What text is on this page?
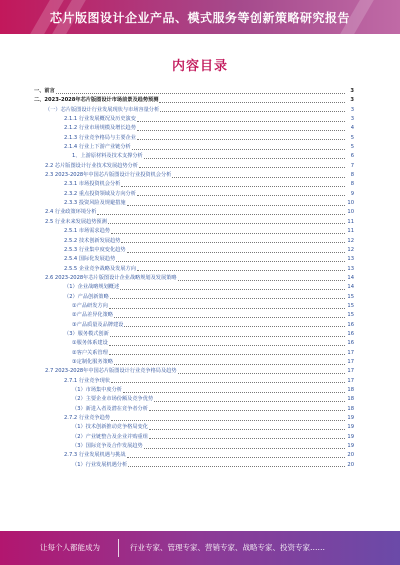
芯片版图设计企业产品、模式服务等创新策略研究报告
内容目录
一、前言	3
二、2023-2028年芯片版图设计市场前景及趋势预测	3
（一）芯片版图设计行业发展现状与市场容量分析	3
2.1.1 行业发展概况及历史演变	3
2.1.2 行业市场规模及增长趋势	4
2.1.3 行业竞争格局与主要企业	5
2.1.4 行业上下游产业链分析	5
1、上游原材料及技术支撑分析	6
2.2 芯片版图设计行业技术发展趋势分析	7
2.3 2023-2028年中国芯片版图设计行业投资机会分析	8
2.3.1 市场投资机会分析	8
2.3.2 重点投资领域及方向分析	9
2.3.3 投资风险及规避措施	10
2.4 行业政策环境分析	10
2.5 行业未来发展趋势预测	11
2.5.1 市场需求趋势	11
2.5.2 技术创新发展趋势	12
2.5.3 行业集中度变化趋势	12
2.5.4 国际化发展趋势	13
2.5.5 企业竞争战略及发展方向	13
2.6 2023-2028年芯片版图设计企业战略规划及发展策略	14
（1）企业战略规划概述	14
（2）产品创新策略	15
①产品研发方向	15
②产品差异化策略	15
③产品质量及品牌建设	16
（3）服务模式创新	16
①服务体系建设	16
②客户关系管理	17
③定制化服务策略	17
2.7 2023-2028年中国芯片版图设计行业竞争格局及趋势	17
2.7.1 行业竞争现状	17
（1）市场集中度分析	18
（2）主要企业市场份额及竞争优势	18
（3）新进入者及潜在竞争者分析	18
2.7.2 行业竞争趋势	19
（1）技术创新推动竞争格局变化	19
（2）产业链整合及企业并购重组	19
（3）国际竞争及合作发展趋势	19
2.7.3 行业发展机遇与挑战	20
（1）行业发展机遇分析	20
让每个人都能成为	行业专家、管理专家、营销专家、战略专家、投资专家……
